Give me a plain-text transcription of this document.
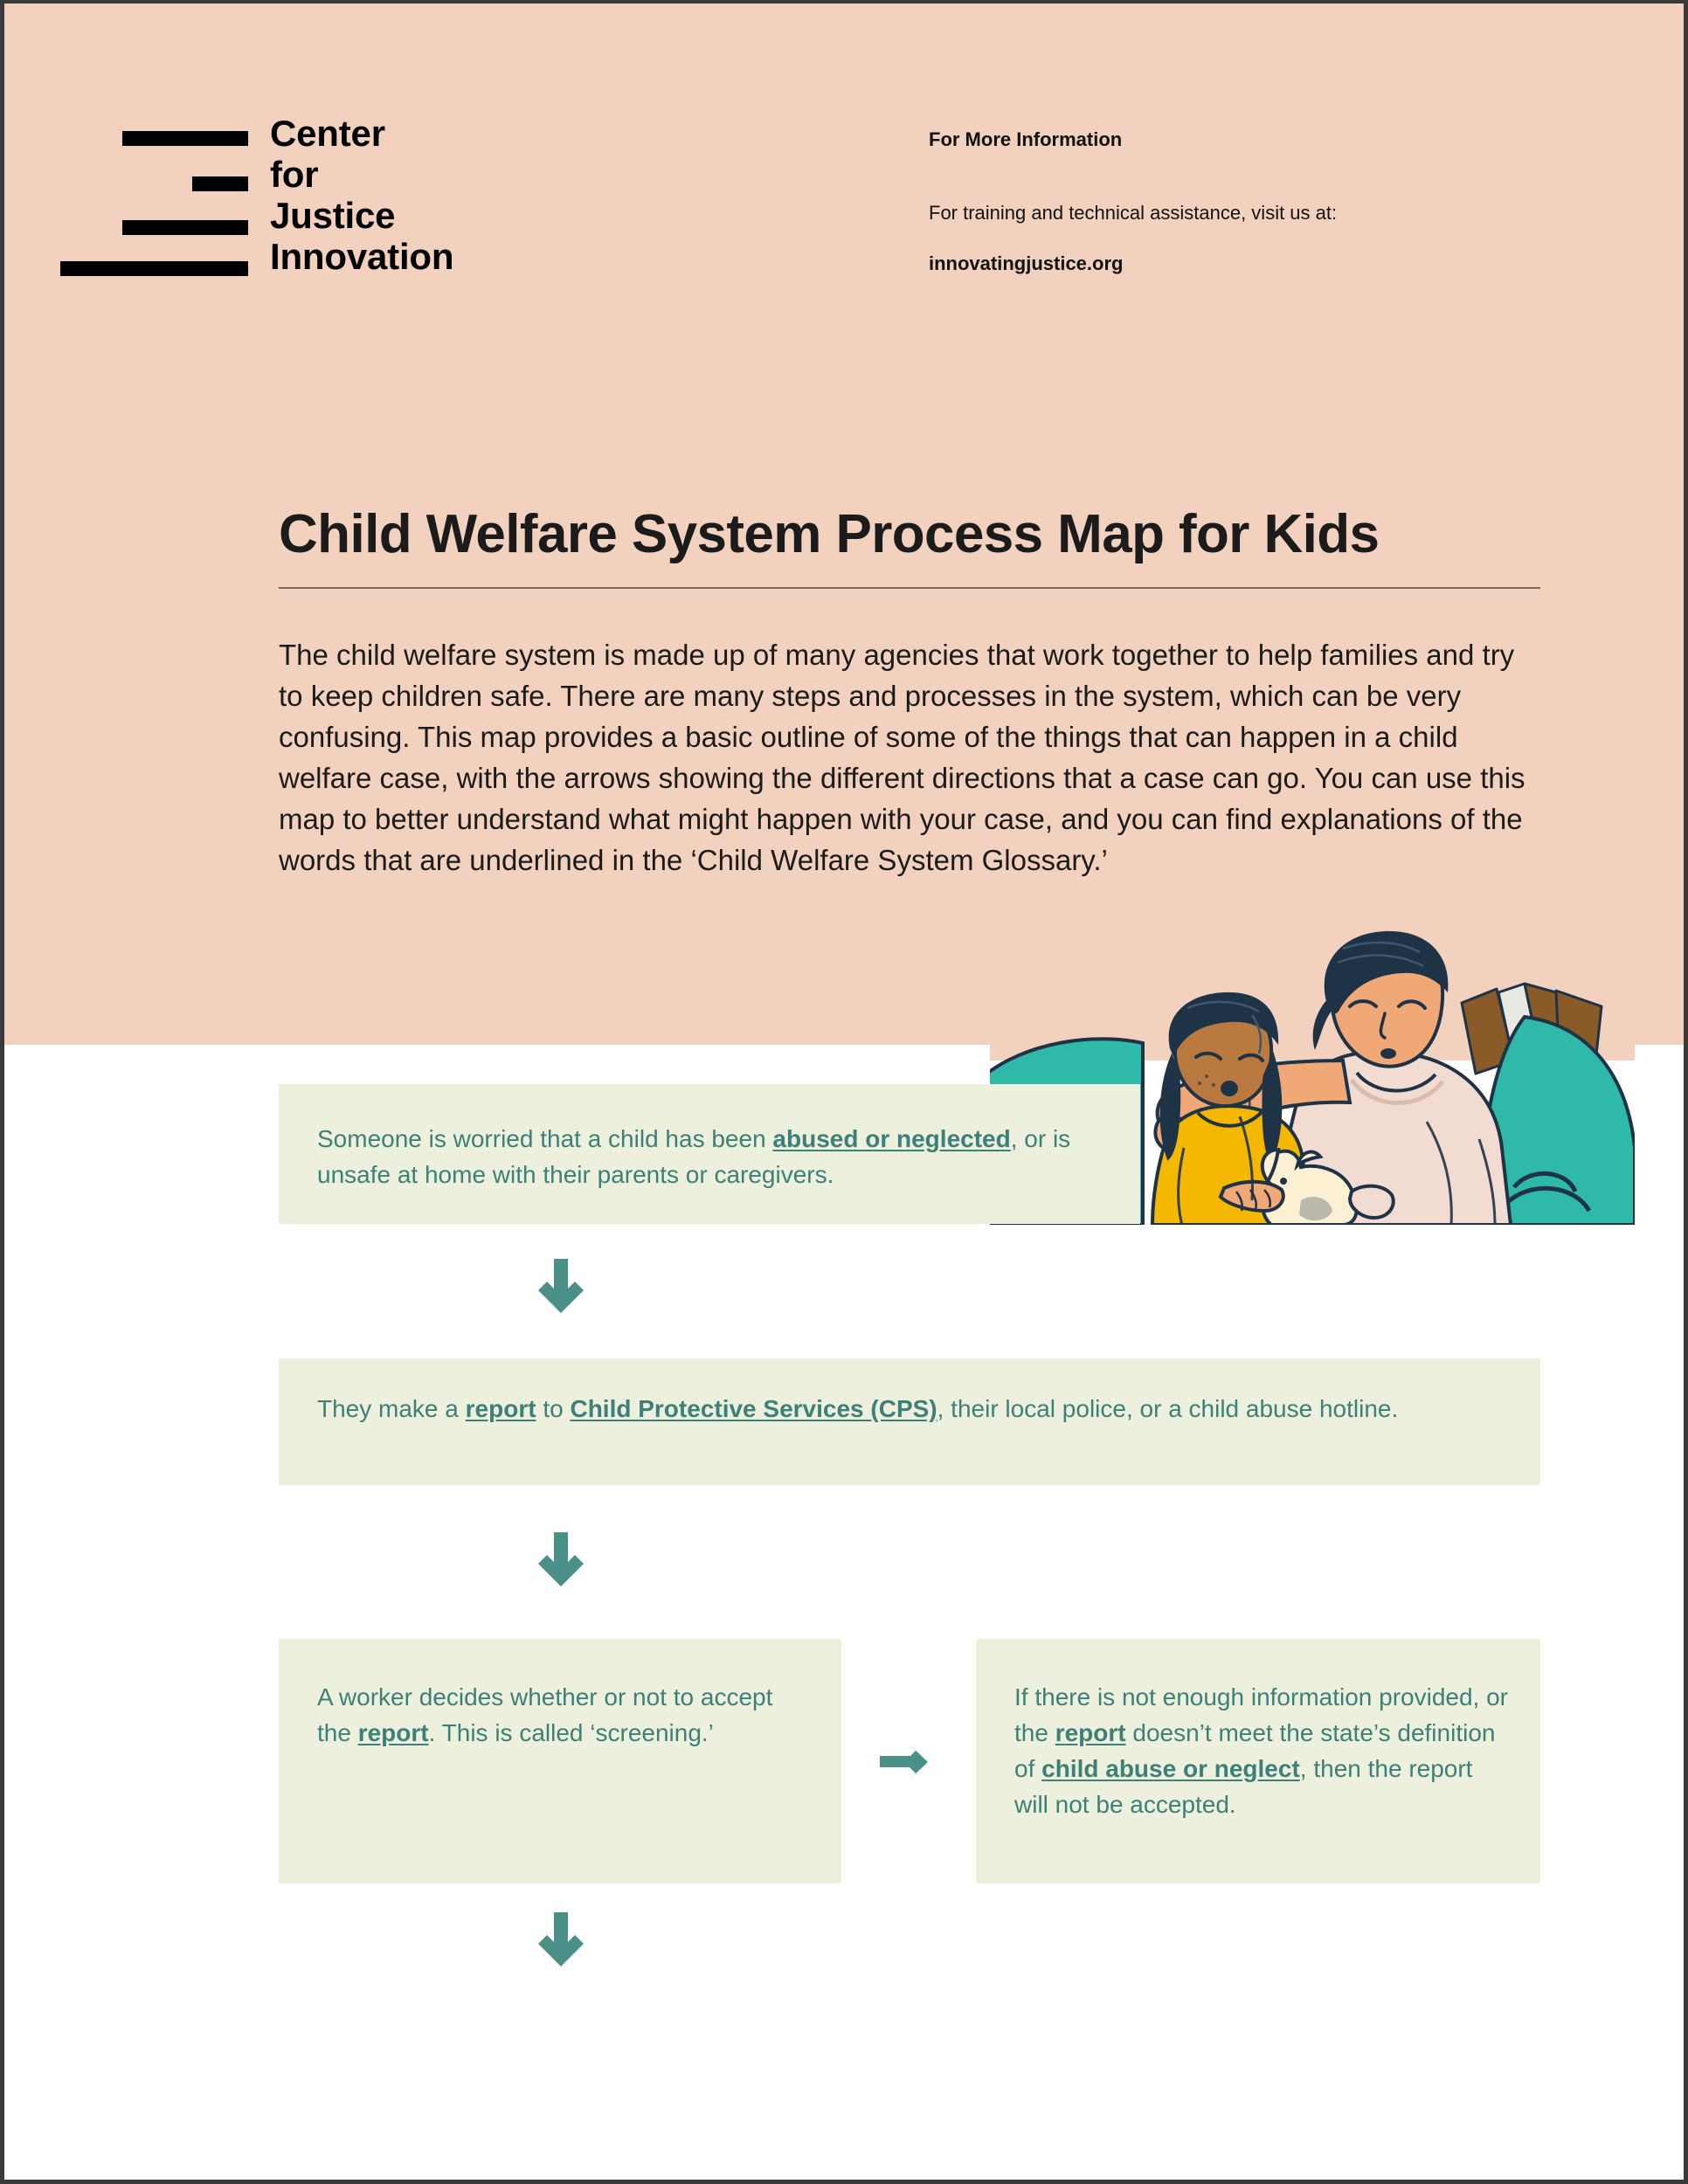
Center
for
Justice
Innovation

For More Information

For training and technical assistance, visit us at:

innovatingjustice.org

Child Welfare System Process Map for Kids

The child welfare system is made up of many agencies that work together to help families and try to keep children safe. There are many steps and processes in the system, which can be very confusing. This map provides a basic outline of some of the things that can happen in a child welfare case, with the arrows showing the different directions that a case can go. You can use this map to better understand what might happen with your case, and you can find explanations of the words that are underlined in the ‘Child Welfare System Glossary.’

Someone is worried that a child has been abused or neglected, or is unsafe at home with their parents or caregivers.

They make a report to Child Protective Services (CPS), their local police, or a child abuse hotline.

A worker decides whether or not to accept the report. This is called ‘screening.’

If there is not enough information provided, or the report doesn’t meet the state’s definition of child abuse or neglect, then the report will not be accepted.
